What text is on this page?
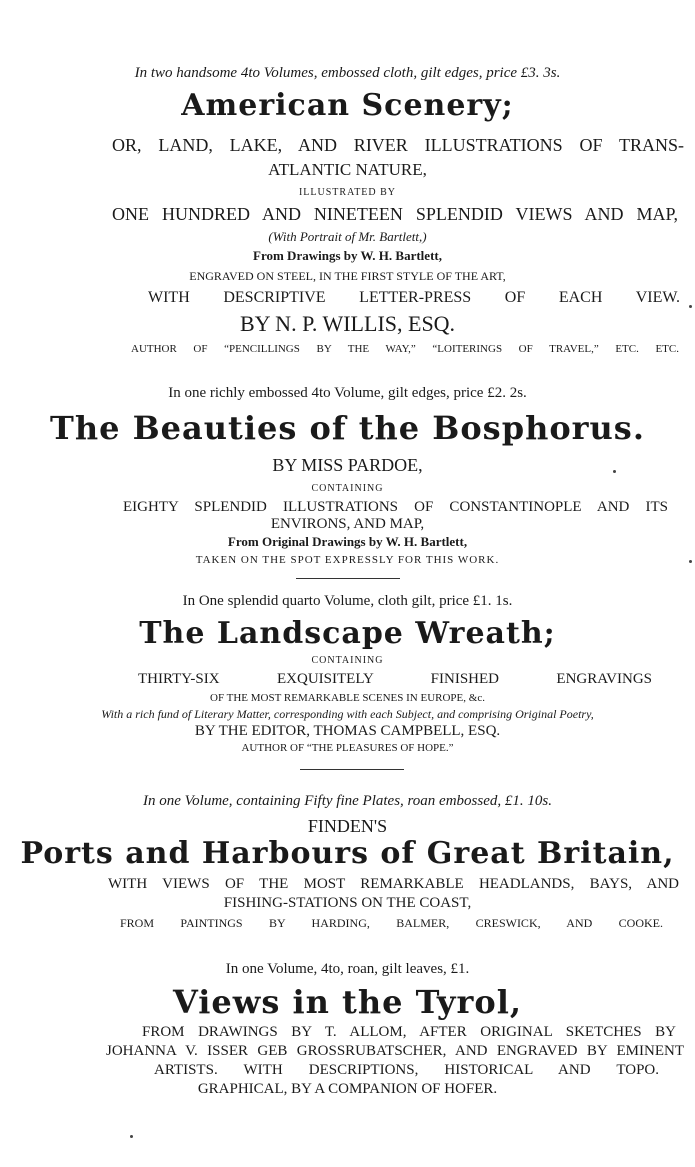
In two handsome 4to Volumes, embossed cloth, gilt edges, price £3. 3s.
American Scenery;
OR, LAND, LAKE, AND RIVER ILLUSTRATIONS OF TRANS-
ATLANTIC NATURE,
ILLUSTRATED BY
ONE HUNDRED AND NINETEEN SPLENDID VIEWS AND MAP,
(With Portrait of Mr. Bartlett,)
From Drawings by W. H. Bartlett,
ENGRAVED ON STEEL, IN THE FIRST STYLE OF THE ART,
WITH DESCRIPTIVE LETTER-PRESS OF EACH VIEW.
BY N. P. WILLIS, ESQ.
AUTHOR OF “PENCILLINGS BY THE WAY,” “LOITERINGS OF TRAVEL,” ETC. ETC.
In one richly embossed 4to Volume, gilt edges, price £2. 2s.
The Beauties of the Bosphorus.
BY MISS PARDOE,
CONTAINING
EIGHTY SPLENDID ILLUSTRATIONS OF CONSTANTINOPLE AND ITS
ENVIRONS, AND MAP,
From Original Drawings by W. H. Bartlett,
TAKEN ON THE SPOT EXPRESSLY FOR THIS WORK.
In One splendid quarto Volume, cloth gilt, price £1. 1s.
The Landscape Wreath;
CONTAINING
THIRTY-SIX EXQUISITELY FINISHED ENGRAVINGS
OF THE MOST REMARKABLE SCENES IN EUROPE, &c.
With a rich fund of Literary Matter, corresponding with each Subject, and comprising Original Poetry,
BY THE EDITOR, THOMAS CAMPBELL, ESQ.
AUTHOR OF “THE PLEASURES OF HOPE.”
In one Volume, containing Fifty fine Plates, roan embossed, £1. 10s.
FINDEN'S
Ports and Harbours of Great Britain,
WITH VIEWS OF THE MOST REMARKABLE HEADLANDS, BAYS, AND
FISHING-STATIONS ON THE COAST,
FROM PAINTINGS BY HARDING, BALMER, CRESWICK, AND COOKE.
In one Volume, 4to, roan, gilt leaves, £1.
Views in the Tyrol,
FROM DRAWINGS BY T. ALLOM, AFTER ORIGINAL SKETCHES BY
JOHANNA V. ISSER GEB GROSSRUBATSCHER, AND ENGRAVED BY EMINENT
ARTISTS. WITH DESCRIPTIONS, HISTORICAL AND TOPO.
GRAPHICAL, BY A COMPANION OF HOFER.
